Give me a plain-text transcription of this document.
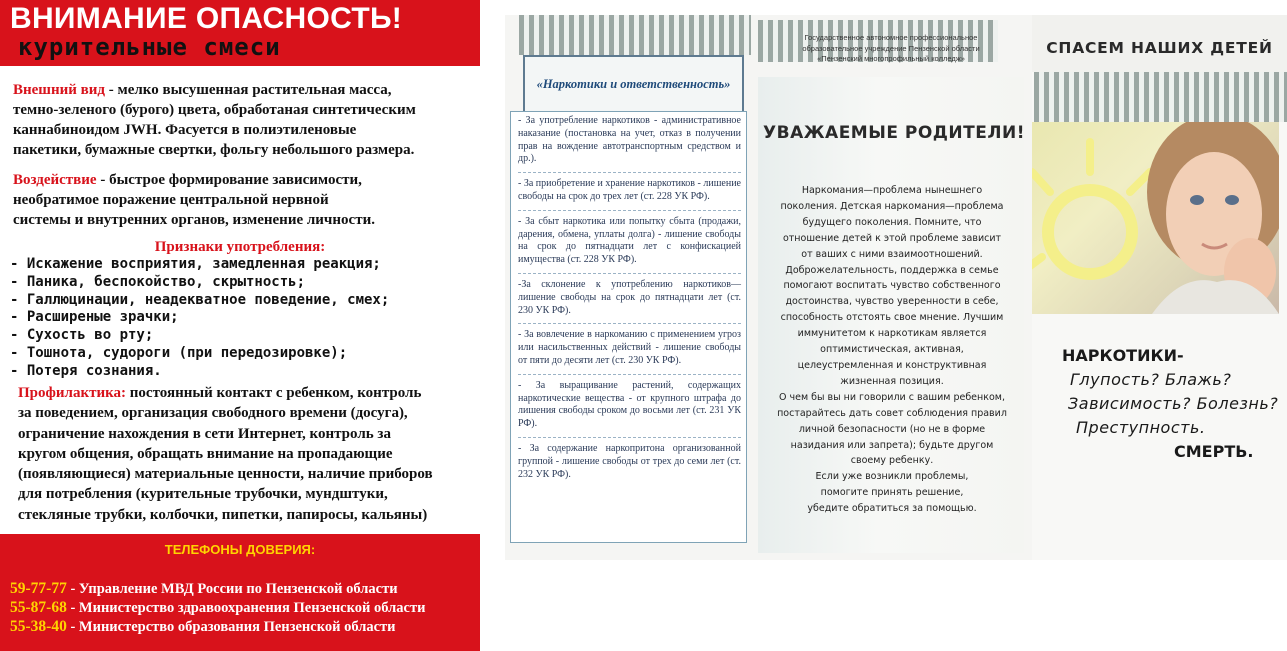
ВНИМАНИЕ ОПАСНОСТЬ!
курительные смеси
Внешний вид - мелко высушенная растительная масса,
темно-зеленого (бурого) цвета, обработаная синтетическим
каннабиноидом JWH. Фасуется в полиэтиленовые
пакетики, бумажные свертки, фольгу небольшого размера.
Воздействие - быстрое формирование зависимости,
необратимое поражение центральной нервной
системы и внутренних органов, изменение личности.
Признаки употребления:
- Искажение восприятия, замедленная реакция;
- Паника, беспокойство, скрытность;
- Галлюцинации, неадекватное поведение, смех;
- Расширеные зрачки;
- Сухость во рту;
- Тошнота, судороги (при передозировке);
- Потеря сознания.
Профилактика: постоянный контакт с ребенком, контроль
за поведением, организация свободного времени (досуга),
ограничение нахождения в сети Интернет, контроль за
кругом общения, обращать внимание на пропадающие
(появляющиеся) материальные ценности, наличие приборов
для потребления (курительные трубочки, мундштуки,
стекляные трубки, колбочки, пипетки, папиросы, кальяны)
ТЕЛЕФОНЫ ДОВЕРИЯ:
59-77-77 - Управление МВД России по Пензенской области
55-87-68 - Министерство здравоохранения Пензенской области
55-38-40 - Министерство образования Пензенской области
«Наркотики и ответственность»
- За употребление наркотиков - административное наказание (постановка на учет, отказ в получении прав на вождение автотранспортным средством и др.).
- За приобретение и хранение наркотиков - лишение свободы на срок до трех лет (ст. 228 УК РФ).
- За сбыт наркотика или попытку сбыта (продажи, дарения, обмена, уплаты долга) - лишение свободы на срок до пятнадцати лет с конфискацией имущества (ст. 228 УК РФ).
-За склонение к употреблению наркотиков—лишение свободы на срок до пятнадцати лет (ст. 230 УК РФ).
- За вовлечение в наркоманию с применением угроз или насильственных действий - лишение свободы от пяти до десяти лет (ст. 230 УК РФ).
- За выращивание растений, содержащих наркотические вещества - от крупного штрафа до лишения свободы сроком до восьми лет (ст. 231 УК РФ).
- За содержание наркопритона организованной группой - лишение свободы от трех до семи лет (ст. 232 УК РФ).
УВАЖАЕМЫЕ РОДИТЕЛИ!
Наркомания—проблема нынешнего
поколения. Детская наркомания—проблема
будущего поколения. Помните, что
отношение детей к этой проблеме зависит
от ваших с ними взаимоотношений.
Доброжелательность, поддержка в семье
помогают воспитать чувство собственного
достоинства, чувство уверенности в себе,
способность отстоять свое мнение. Лучшим
иммунитетом к наркотикам является
оптимистическая, активная,
целеустремленная и конструктивная
жизненная позиция.
О чем бы вы ни говорили с вашим ребенком,
постарайтесь дать совет соблюдения правил
личной безопасности (но не в форме
назидания или запрета); будьте другом
своему ребенку.
Если уже возникли проблемы,
помогите принять решение,
убедите обратиться за помощью.
Государственное автономное профессиональное
образовательное учреждение Пензенской области
«Пензенский многопрофильный колледж»
СПАСЕМ НАШИХ ДЕТЕЙ
НАРКОТИКИ-
Глупость? Блажь?
Зависимость? Болезнь?
Преступность.
СМЕРТЬ.
